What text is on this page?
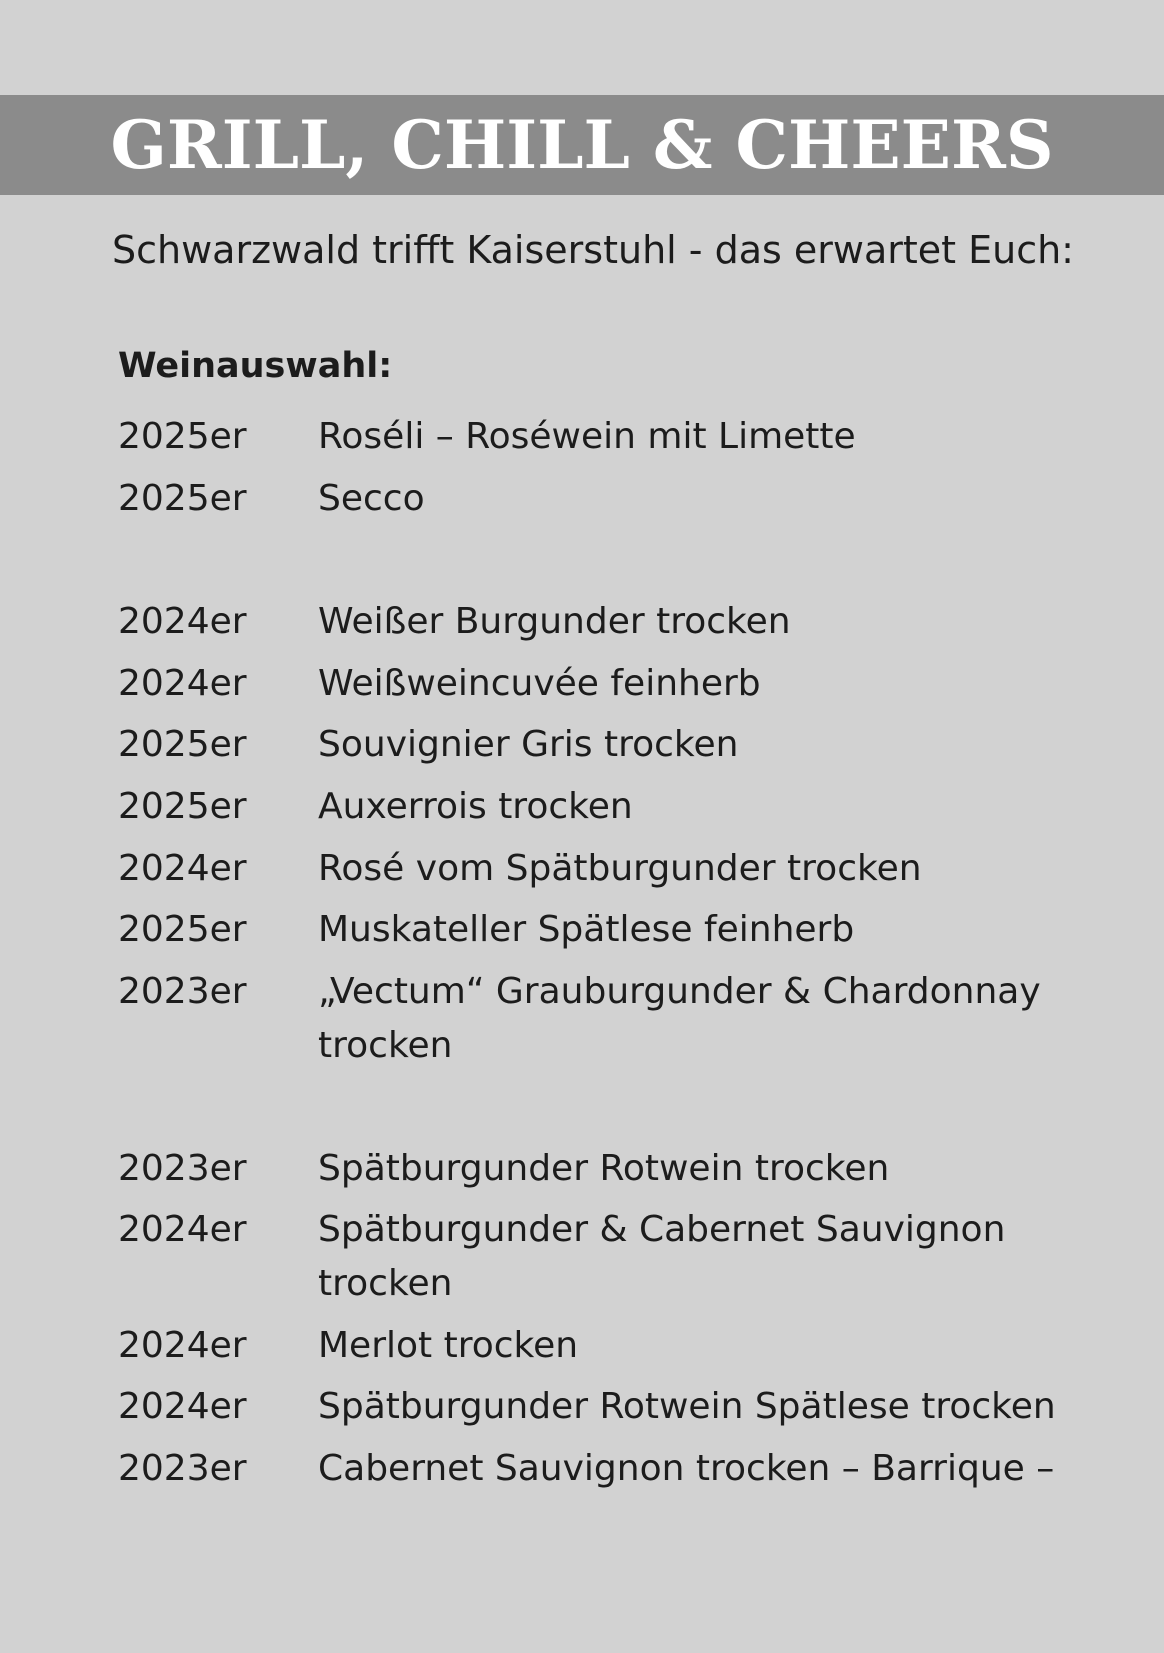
GRILL, CHILL & CHEERS
Schwarzwald trifft Kaiserstuhl - das erwartet Euch:
Weinauswahl:
2025er Roséli – Roséwein mit Limette
2025er Secco
2024er Weißer Burgunder trocken
2024er Weißweincuvée feinherb
2025er Souvignier Gris trocken
2025er Auxerrois trocken
2024er Rosé vom Spätburgunder trocken
2025er Muskateller Spätlese feinherb
2023er „Vectum“ Grauburgunder & Chardonnay trocken
2023er Spätburgunder Rotwein trocken
2024er Spätburgunder & Cabernet Sauvignon trocken
2024er Merlot trocken
2024er Spätburgunder Rotwein Spätlese trocken
2023er Cabernet Sauvignon trocken – Barrique –
